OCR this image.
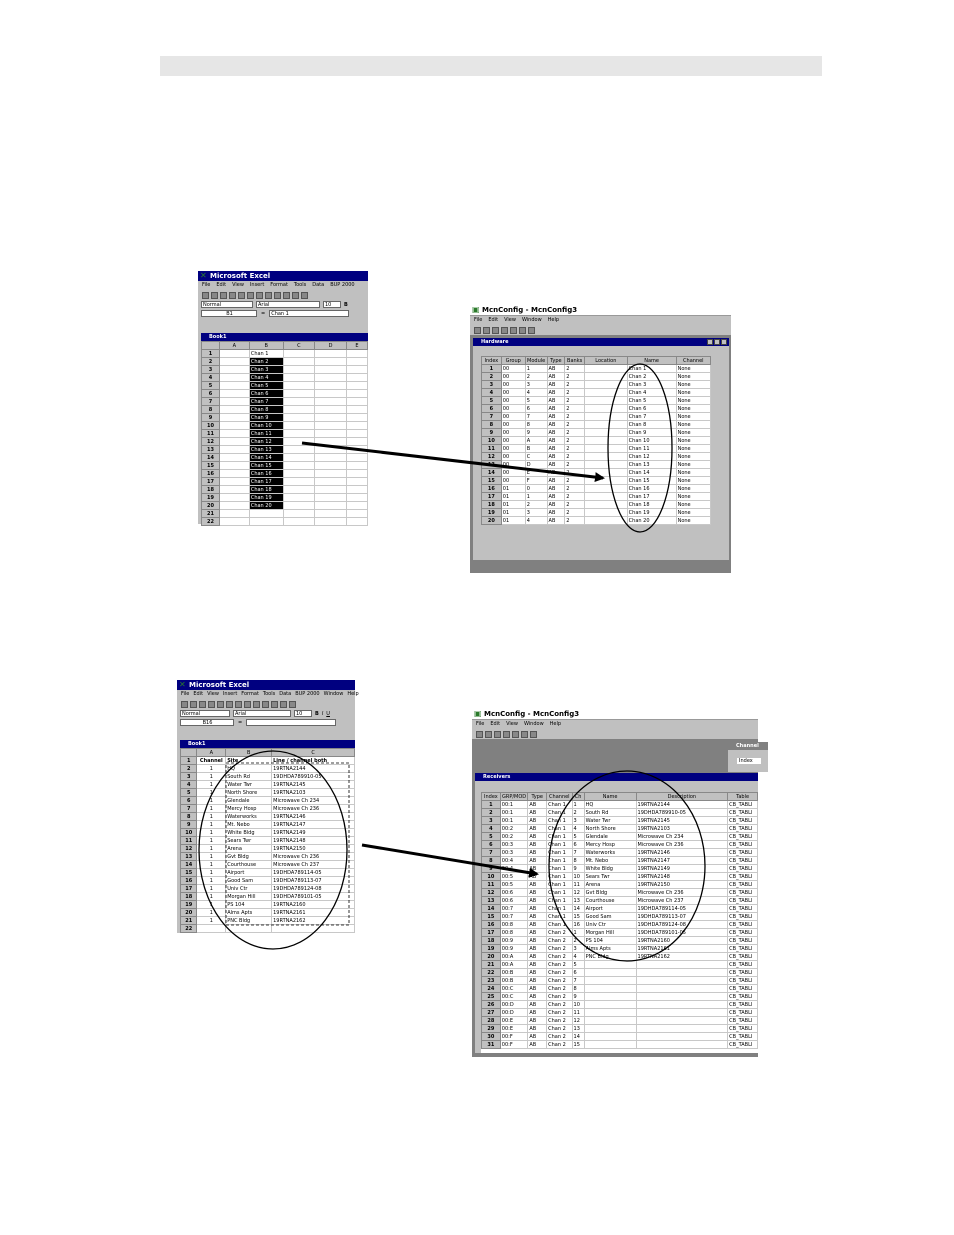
✕ Microsoft Excel
File Edit View Insert Format Tools Data BUP 2000
Normal	Arial	10	B
B1	=	Chan 1
Book1
	A	B	C	D	E
1		Chan 1			
2		Chan 2			
3		Chan 3			
4		Chan 4			
5		Chan 5			
6		Chan 6			
7		Chan 7			
8		Chan 8			
9		Chan 9			
10		Chan 10			
11		Chan 11			
12		Chan 12			
13		Chan 13			
14		Chan 14			
15		Chan 15			
16		Chan 16			
17		Chan 17			
18		Chan 18			
19		Chan 19			
20		Chan 20			
21					
22					
▣ McnConfig - McnConfig3
File Edit View Window Help
Hardware
Index	Group	Module	Type	Banks	Location	Name	Channel
1	00	1	AB	2		Chan 1	None
2	00	2	AB	2		Chan 2	None
3	00	3	AB	2		Chan 3	None
4	00	4	AB	2		Chan 4	None
5	00	5	AB	2		Chan 5	None
6	00	6	AB	2		Chan 6	None
7	00	7	AB	2		Chan 7	None
8	00	8	AB	2		Chan 8	None
9	00	9	AB	2		Chan 9	None
10	00	A	AB	2		Chan 10	None
11	00	B	AB	2		Chan 11	None
12	00	C	AB	2		Chan 12	None
	00	D	AB	2		Chan 13	None
14	00	E				Chan 14	None
15	00	F	AB	2		Chan 15	None
16	01	0	AB	2		Chan 16	None
17	01	1	AB	2		Chan 17	None
18	01	2	AB	2		Chan 18	None
19	01	3	AB	2		Chan 19	None
20	01	4	AB	2		Chan 20	None
✕ Microsoft Excel
File Edit View Insert Format Tools Data BUP 2000 Window Help
Normal	Arial	10	B I U
B16	=
Book1
	A	B	C
1	Channel	Site	Line / channel both
2	1	HQ	19RTNA2144
3	1	South Rd	19DHDA789910-05
4	1	Water Twr	19RTNA2145
5	1	North Shore	19RTNA2103
6	1	Glendale	Microwave Ch 234
7	1	Mercy Hosp	Microwave Ch 236
8	1	Waterworks	19RTNA2146
9	1	Mt. Nebo	19RTNA2147
10	1	White Bldg	19RTNA2149
11	1	Sears Twr	19RTNA2148
12	1	Arena	19RTNA2150
13	1	Gvt Bldg	Microwave Ch 236
14	1	Courthouse	Microwave Ch 237
15	1	Airport	19DHDA789114-05
16	1	Good Sam	19DHDA789113-07
17	1	Univ Ctr	19DHDA789124-08
18	1	Morgan Hill	19DHDA789101-05
19	1	PS 104	19RTNA2160
20	1	Alms Apts	19RTNA2161
21	1	PNC Bldg	19RTNA2162
22			
▣ McnConfig - McnConfig3
File Edit View Window Help
Channel
Index
Receivers
Index	GRP/MOD	Type	Channel	Ch	Name	Description	Table
1	00:1	AB	Chan 1	1	HQ	19RTNA2144	CB_TABLI
2	00:1	AB	Chan 1	2	South Rd	19DHDA789910-05	CB_TABLI
3	00:1	AB	Chan 1	3	Water Twr	19RTNA2145	CB_TABLI
4	00:2	AB	Chan 1	4	North Shore	19RTNA2103	CB_TABLI
5	00:2	AB	Chan 1	5	Glendale	Microwave Ch 234	CB_TABLI
6	00:3	AB	Chan 1	6	Mercy Hosp	Microwave Ch 236	CB_TABLI
7	00:3	AB	Chan 1	7	Waterworks	19RTNA2146	CB_TABLI
8	00:4	AB	Chan 1	8	Mt. Nebo	19RTNA2147	CB_TABLI
9		AB	Chan 1	9	White Bldg	19RTNA2149	CB_TABLI
10	00:5	AB	Chan 1	10	Sears Twr	19RTNA2148	CB_TABLI
11	00:5	AB	Chan 1	11	Arena	19RTNA2150	CB_TABLI
12	00:6	AB	Chan 1	12	Gvt Bldg	Microwave Ch 236	CB_TABLI
13	00:6	AB	Chan 1	13	Courthouse	Microwave Ch 237	CB_TABLI
14	00:7	AB	Chan 1	14	Airport	19DHDA789114-05	CB_TABLI
15	00:7	AB	Chan 1	15	Good Sam	19DHDA789113-07	CB_TABLI
16	00:8	AB	Chan 1	16	Univ Ctr	19DHDA789124-08	CB_TABLI
17	00:8	AB	Chan 2	1	Morgan Hill	19DHDA789101-05	CB_TABLI
18	00:9	AB	Chan 2	2	PS 104	19RTNA2160	CB_TABLI
19	00:9	AB	Chan 2	3	Alms Apts	19RTNA2161	CB_TABLI
20	00:A	AB	Chan 2	4	PNC Bldg	19RTNA2162	CB_TABLI
21	00:A	AB	Chan 2	5			CB_TABLI
22	00:B	AB	Chan 2	6			CB_TABLI
23	00:B	AB	Chan 2	7			CB_TABLI
24	00:C	AB	Chan 2	8			CB_TABLI
25	00:C	AB	Chan 2	9			CB_TABLI
26	00:D	AB	Chan 2	10			CB_TABLI
27	00:D	AB	Chan 2	11			CB_TABLI
28	00:E	AB	Chan 2	12			CB_TABLI
29	00:E	AB	Chan 2	13			CB_TABLI
30	00:F	AB	Chan 2	14			CB_TABLI
31	00:F	AB	Chan 2	15			CB_TABLI
